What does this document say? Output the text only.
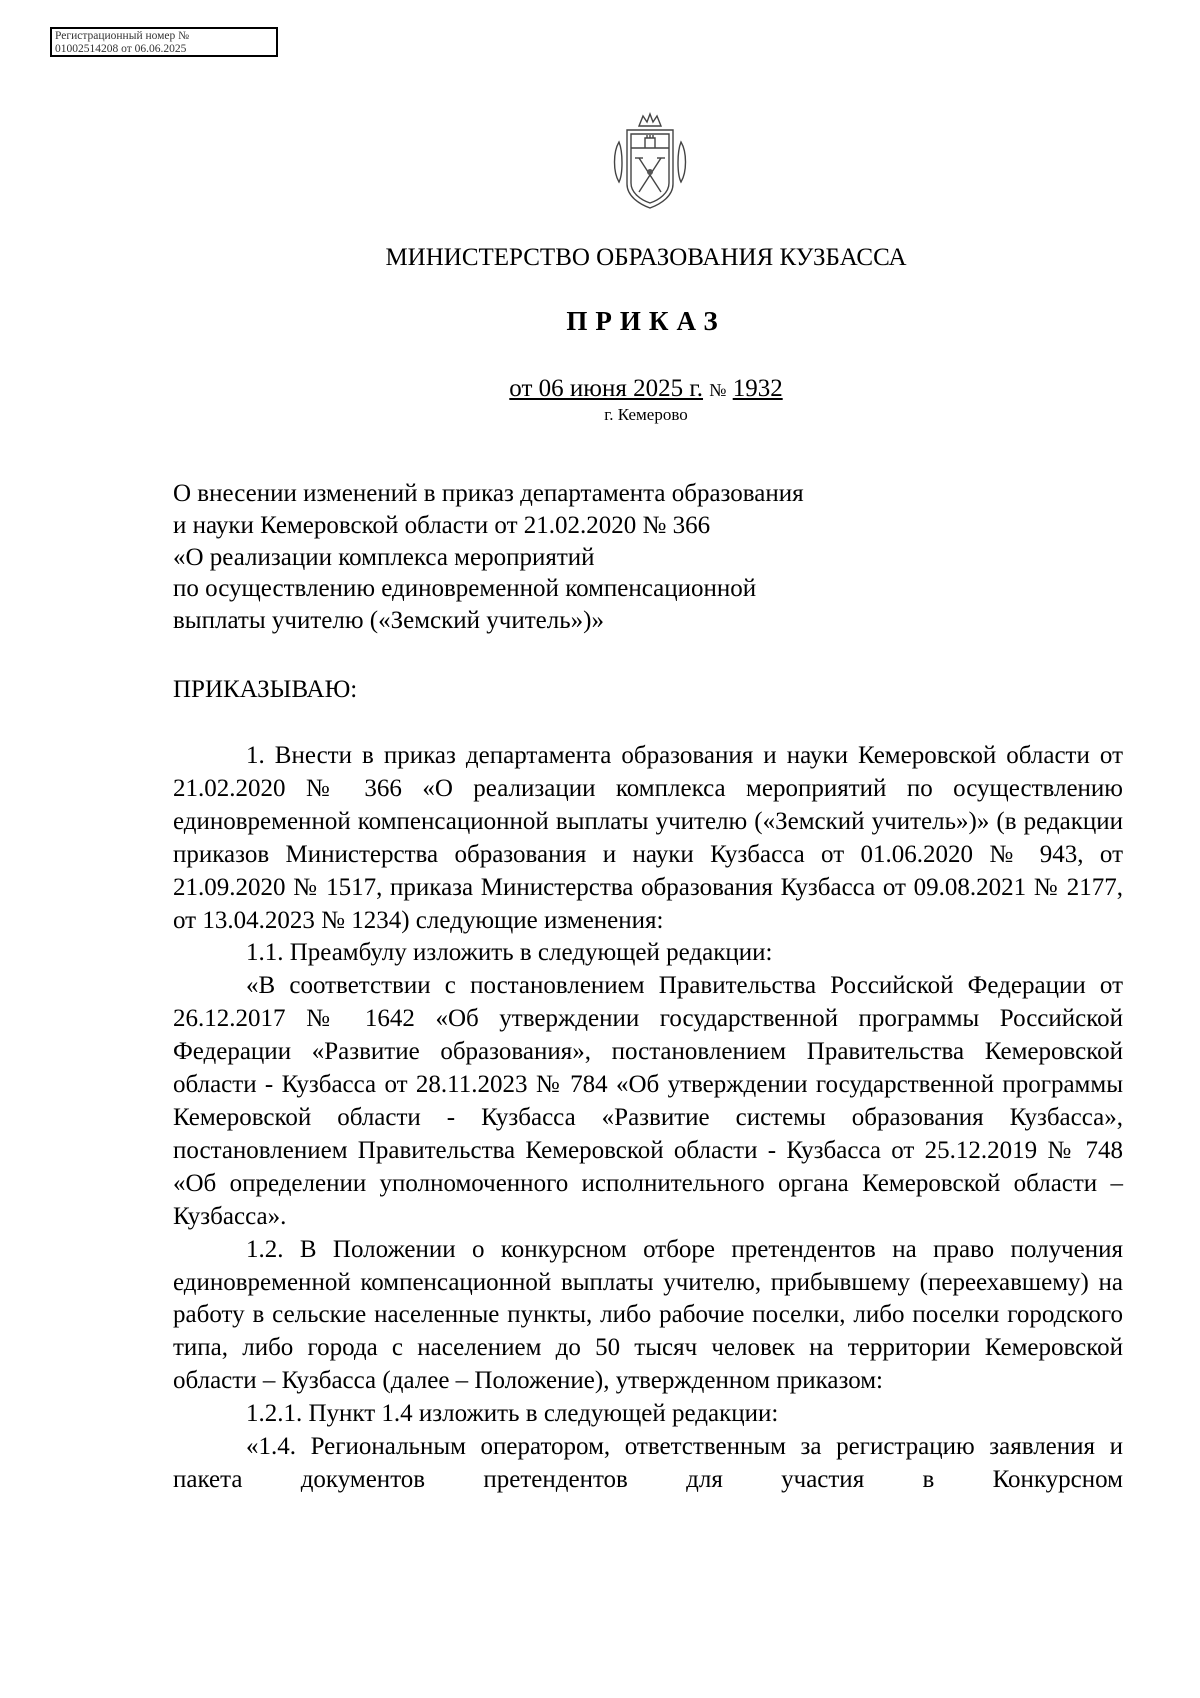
Регистрационный номер №
01002514208 от 06.06.2025
МИНИСТЕРСТВО ОБРАЗОВАНИЯ КУЗБАССА
ПРИКАЗ
от 06 июня 2025 г. № 1932
г. Кемерово
О внесении изменений в приказ департамента образования
и науки Кемеровской области от 21.02.2020 № 366
«О реализации комплекса мероприятий
по осуществлению единовременной компенсационной
выплаты учителю («Земский учитель»)»
ПРИКАЗЫВАЮ:

1. Внести в приказ департамента образования и науки Кемеровской области от 21.02.2020 № 366 «О реализации комплекса мероприятий по осуществлению единовременной компенсационной выплаты учителю («Земский учитель»)» (в редакции приказов Министерства образования и науки Кузбасса от 01.06.2020 № 943, от 21.09.2020 № 1517, приказа Министерства образования Кузбасса от 09.08.2021 № 2177, от 13.04.2023 № 1234) следующие изменения:

1.1. Преамбулу изложить в следующей редакции:

«В соответствии с постановлением Правительства Российской Федерации от 26.12.2017 № 1642 «Об утверждении государственной программы Российской Федерации «Развитие образования», постановлением Правительства Кемеровской области - Кузбасса от 28.11.2023 № 784 «Об утверждении государственной программы Кемеровской области - Кузбасса «Развитие системы образования Кузбасса», постановлением Правительства Кемеровской области - Кузбасса от 25.12.2019 № 748 «Об определении уполномоченного исполнительного органа Кемеровской области – Кузбасса».

1.2. В Положении о конкурсном отборе претендентов на право получения единовременной компенсационной выплаты учителю, прибывшему (переехавшему) на работу в сельские населенные пункты, либо рабочие поселки, либо поселки городского типа, либо города с населением до 50 тысяч человек на территории Кемеровской области – Кузбасса (далее – Положение), утвержденном приказом:

1.2.1. Пункт 1.4 изложить в следующей редакции:

«1.4. Региональным оператором, ответственным за регистрацию заявления и пакета документов претендентов для участия в Конкурсном
